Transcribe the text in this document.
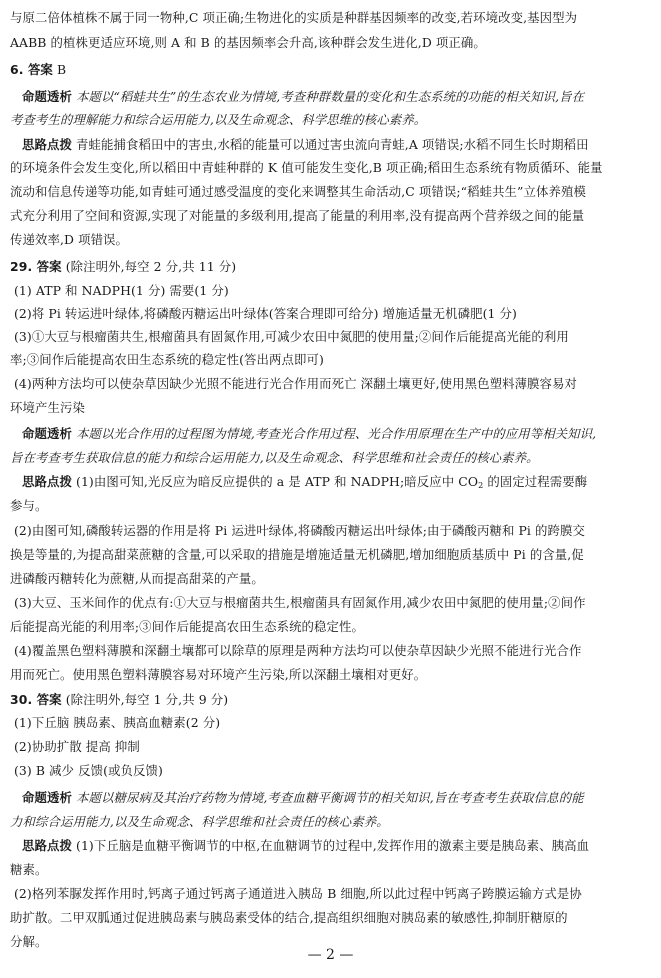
与原二倍体植株不属于同一物种,C 项正确;生物进化的实质是种群基因频率的改变,若环境改变,基因型为
AABB 的植株更适应环境,则 A 和 B 的基因频率会升高,该种群会发生进化,D 项正确。
6. 答案 B
命题透析 本题以“稻蛙共生”的生态农业为情境,考查种群数量的变化和生态系统的功能的相关知识,旨在
考查考生的理解能力和综合运用能力,以及生命观念、科学思维的核心素养。
思路点拨 青蛙能捕食稻田中的害虫,水稻的能量可以通过害虫流向青蛙,A 项错误;水稻不同生长时期稻田
的环境条件会发生变化,所以稻田中青蛙种群的 K 值可能发生变化,B 项正确;稻田生态系统有物质循环、能量
流动和信息传递等功能,如青蛙可通过感受温度的变化来调整其生命活动,C 项错误;“稻蛙共生”立体养殖模
式充分利用了空间和资源,实现了对能量的多级利用,提高了能量的利用率,没有提高两个营养级之间的能量
传递效率,D 项错误。
29. 答案 (除注明外,每空 2 分,共 11 分)
(1) ATP 和 NADPH(1 分) 需要(1 分)
(2)将 Pi 转运进叶绿体,将磷酸丙糖运出叶绿体(答案合理即可给分) 增施适量无机磷肥(1 分)
(3)①大豆与根瘤菌共生,根瘤菌具有固氮作用,可减少农田中氮肥的使用量;②间作后能提高光能的利用
率;③间作后能提高农田生态系统的稳定性(答出两点即可)
(4)两种方法均可以使杂草因缺少光照不能进行光合作用而死亡 深翻土壤更好,使用黑色塑料薄膜容易对
环境产生污染
命题透析 本题以光合作用的过程图为情境,考查光合作用过程、光合作用原理在生产中的应用等相关知识,
旨在考查考生获取信息的能力和综合运用能力,以及生命观念、科学思维和社会责任的核心素养。
思路点拨 (1)由图可知,光反应为暗反应提供的 a 是 ATP 和 NADPH;暗反应中 $CO_2$ 的固定过程需要酶
参与。
(2)由图可知,磷酸转运器的作用是将 Pi 运进叶绿体,将磷酸丙糖运出叶绿体;由于磷酸丙糖和 Pi 的跨膜交
换是等量的,为提高甜菜蔗糖的含量,可以采取的措施是增施适量无机磷肥,增加细胞质基质中 Pi 的含量,促
进磷酸丙糖转化为蔗糖,从而提高甜菜的产量。
(3)大豆、玉米间作的优点有:①大豆与根瘤菌共生,根瘤菌具有固氮作用,减少农田中氮肥的使用量;②间作
后能提高光能的利用率;③间作后能提高农田生态系统的稳定性。
(4)覆盖黑色塑料薄膜和深翻土壤都可以除草的原理是两种方法均可以使杂草因缺少光照不能进行光合作
用而死亡。使用黑色塑料薄膜容易对环境产生污染,所以深翻土壤相对更好。
30. 答案 (除注明外,每空 1 分,共 9 分)
(1)下丘脑 胰岛素、胰高血糖素(2 分)
(2)协助扩散 提高 抑制
(3) B 减少 反馈(或负反馈)
命题透析 本题以糖尿病及其治疗药物为情境,考查血糖平衡调节的相关知识,旨在考查考生获取信息的能
力和综合运用能力,以及生命观念、科学思维和社会责任的核心素养。
思路点拨 (1)下丘脑是血糖平衡调节的中枢,在血糖调节的过程中,发挥作用的激素主要是胰岛素、胰高血
糖素。
(2)格列苯脲发挥作用时,钙离子通过钙离子通道进入胰岛 B 细胞,所以此过程中钙离子跨膜运输方式是协
助扩散。二甲双胍通过促进胰岛素与胰岛素受体的结合,提高组织细胞对胰岛素的敏感性,抑制肝糖原的
分解。
— 2 —
